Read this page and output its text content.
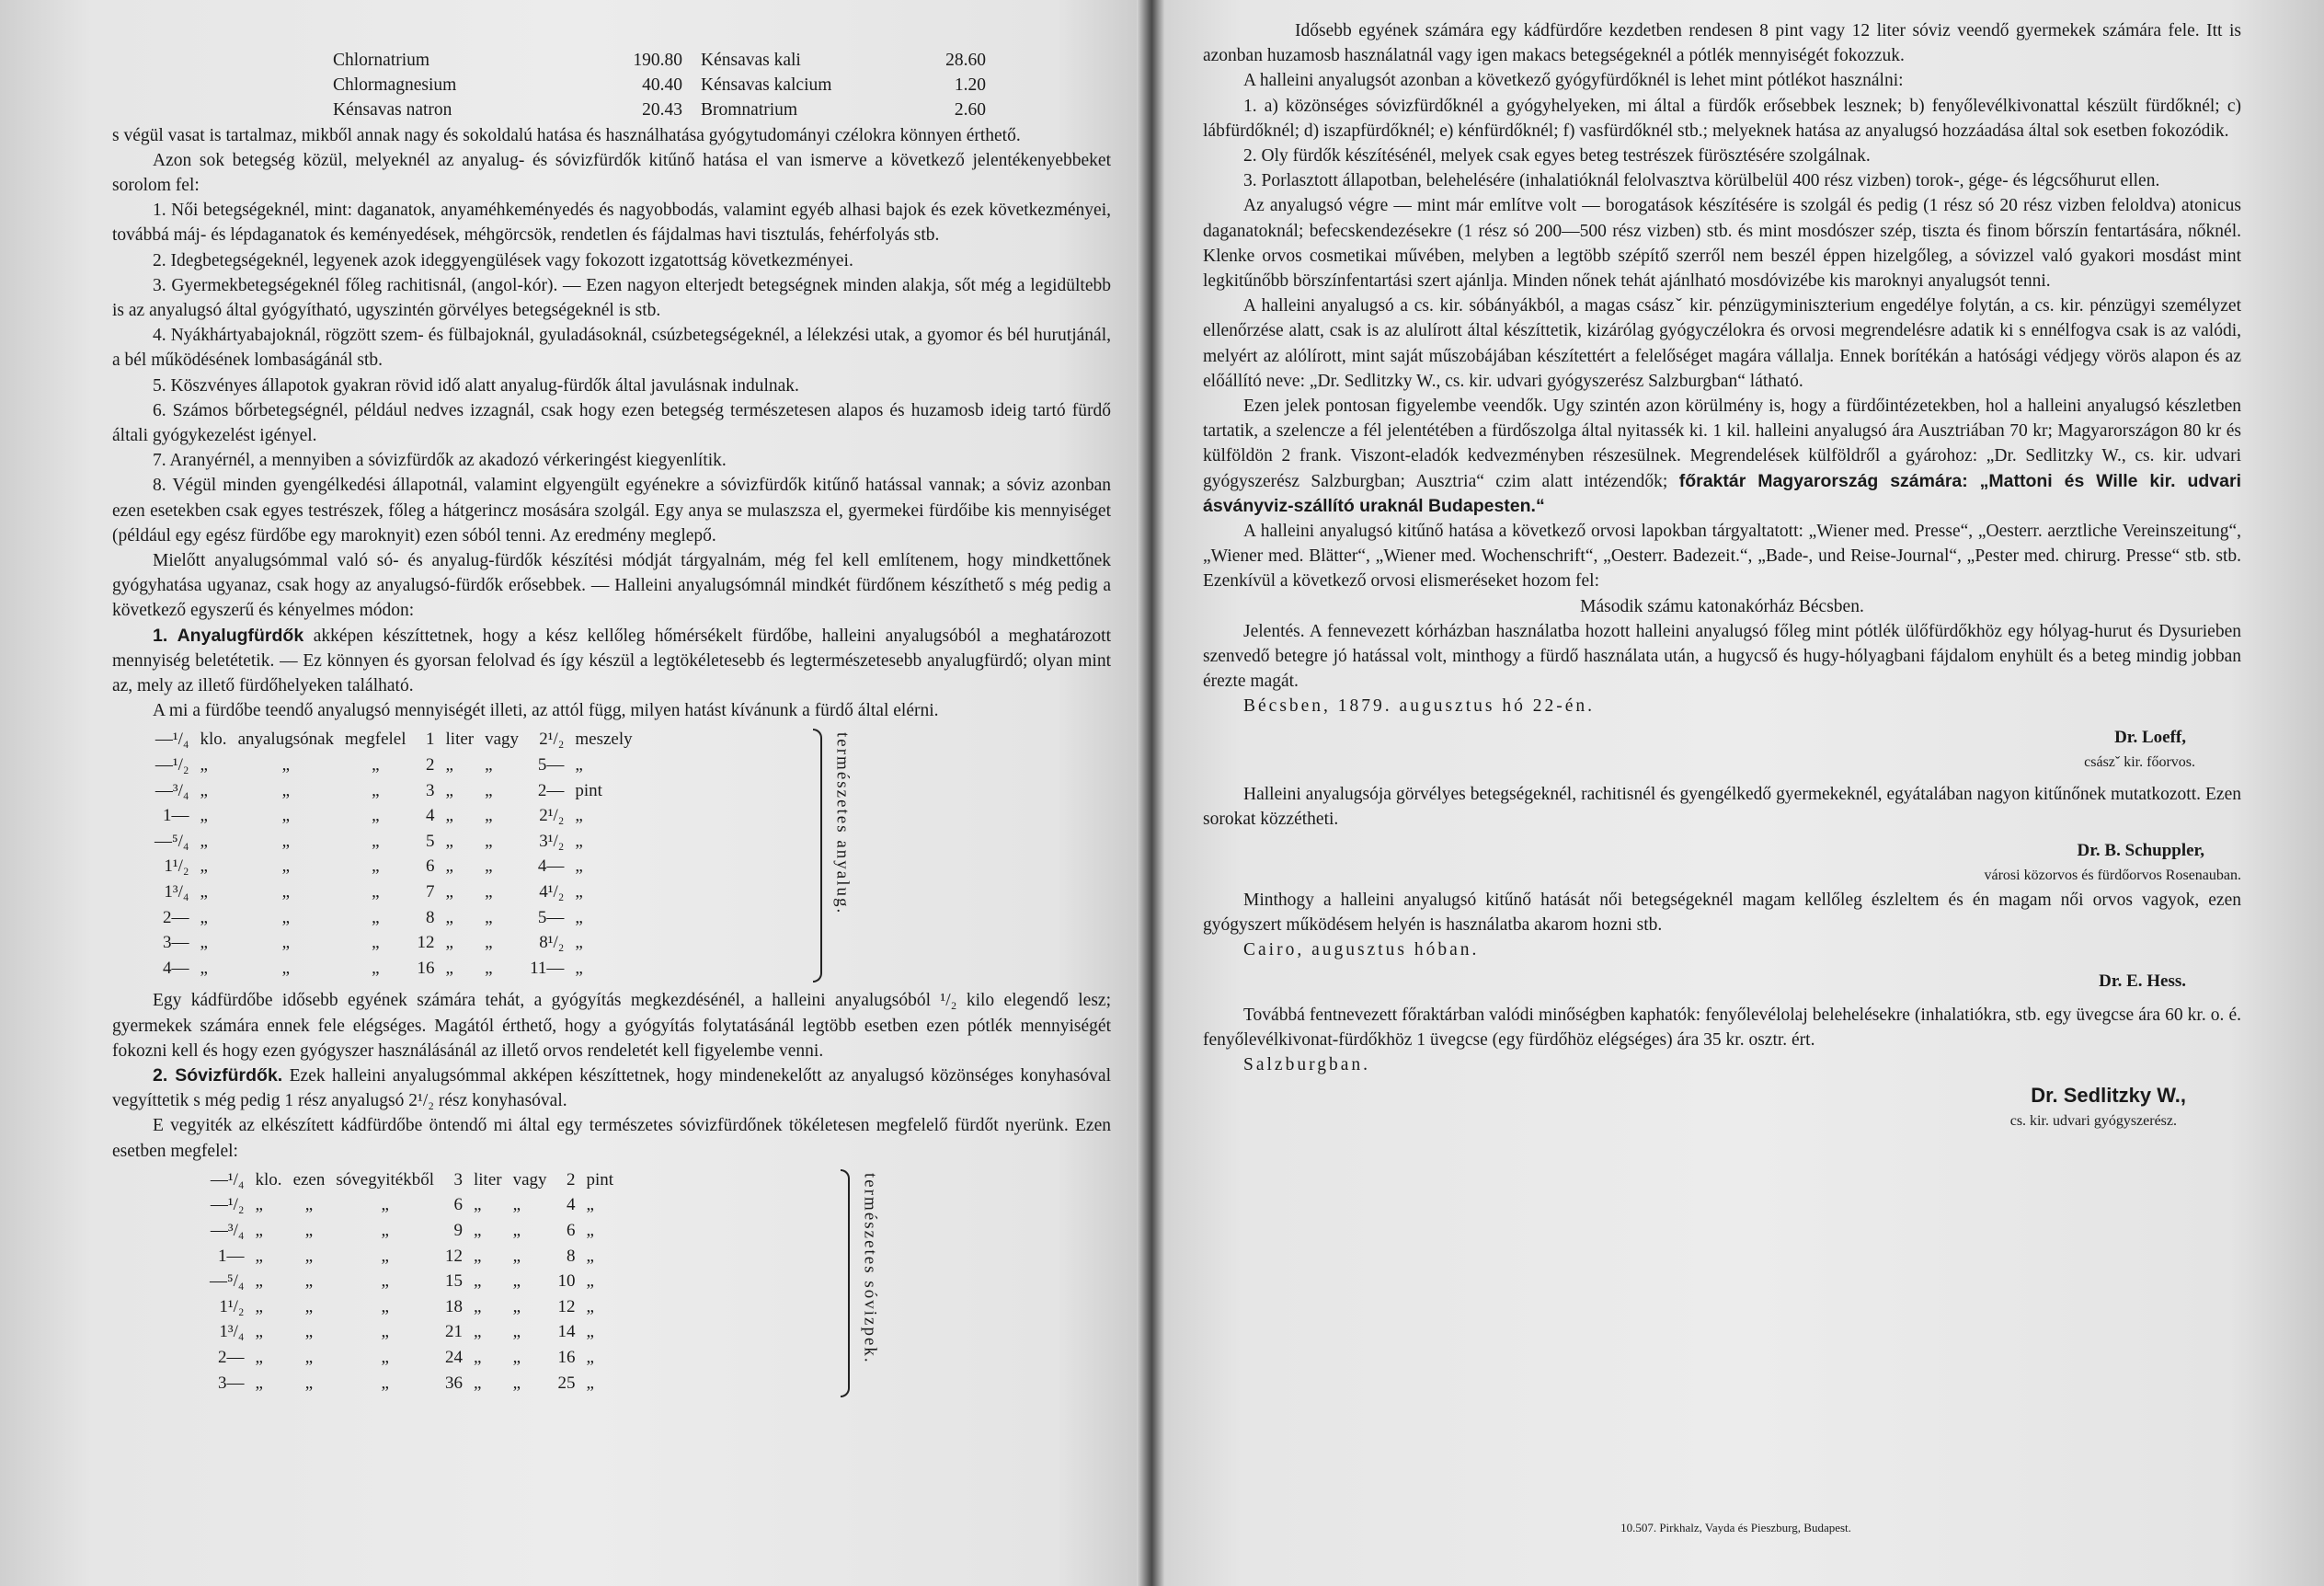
Chlornatrium	190.80 Kénsavas kali	28.60
Chlormagnesium	40.40 Kénsavas kalcium	1.20
Kénsavas natron	20.43 Bromnatrium	2.60

s végül vasat is tartalmaz, mikből annak nagy és sokoldalú hatása és használhatása gyógytudományi czélokra könnyen érthető.

Azon sok betegség közül, melyeknél az anyalug- és sóvizfürdők kitűnő hatása el van ismerve a következő jelentékenyebbeket sorolom fel:

1. Női betegségeknél, mint: daganatok, anyaméhkeményedés és nagyobbodás, valamint egyéb alhasi bajok és ezek következményei, továbbá máj- és lépdaganatok és keményedések, méhgörcsök, rendetlen és fájdalmas havi tisztulás, fehérfolyás stb.

2. Idegbetegségeknél, legyenek azok ideggyengülések vagy fokozott izgatottság következményei.

3. Gyermekbetegségeknél főleg rachitisnál, (angol-kór). — Ezen nagyon elterjedt betegségnek minden alakja, sőt még a legidültebb is az anyalugsó által gyógyítható, ugyszintén görvélyes betegségeknél is stb.

4. Nyákhártyabajoknál, rögzött szem- és fülbajoknál, gyuladásoknál, csúzbetegségeknél, a lélekzési utak, a gyomor és bél hurutjánál, a bél működésének lombaságánál stb.

5. Köszvényes állapotok gyakran rövid idő alatt anyalug-fürdők által javulásnak indulnak.

6. Számos bőrbetegségnél, például nedves izzagnál, csak hogy ezen betegség természetesen alapos és huzamosb ideig tartó fürdő általi gyógykezelést igényel.

7. Aranyérnél, a mennyiben a sóvizfürdők az akadozó vérkeringést kiegyenlítik.

8. Végül minden gyengélkedési állapotnál, valamint elgyengült egyénekre a sóvizfürdők kitűnő hatással vannak; a sóviz azonban ezen esetekben csak egyes testrészek, főleg a hátgerincz mosására szolgál. Egy anya se mulaszsza el, gyermekei fürdőibe kis mennyiséget (például egy egész fürdőbe egy maroknyit) ezen sóból tenni. Az eredmény meglepő.

Mielőtt anyalugsómmal való só- és anyalug-fürdők készítési módját tárgyalnám, még fel kell említenem, hogy mindkettőnek gyógyhatása ugyanaz, csak hogy az anyalugsó-fürdők erősebbek. — Halleini anyalugsómnál mindkét fürdőnem készíthető s még pedig a következő egyszerű és kényelmes módon:

1. Anyalugfürdők akképen készíttetnek, hogy a kész kellőleg hőmérsékelt fürdőbe, halleini anyalugsóból a meghatározott mennyiség beletétetik. — Ez könnyen és gyorsan felolvad és így készül a legtökéletesebb és legtermészetesebb anyalugfürdő; olyan mint az, mely az illető fürdőhelyeken található.

A mi a fürdőbe teendő anyalugsó mennyiségét illeti, az attól függ, milyen hatást kívánunk a fürdő által elérni.

—¹/₄	klo.	anyalugsónak	megfelel	1	liter	vagy	2¹/₂	meszely
—¹/₂	„	„	„	2	„	„	5—	„
—³/₄	„	„	„	3	„	„	2—	pint
1—	„	„	„	4	„	„	2¹/₂	„
—⁵/₄	„	„	„	5	„	„	3¹/₂	„
1¹/₂	„	„	„	6	„	„	4—	„
1³/₄	„	„	„	7	„	„	4¹/₂	„
2—	„	„	„	8	„	„	5—	„
3—	„	„	„	12	„	„	8¹/₂	„
4—	„	„	„	16	„	„	11—	„
természetes anyalug.

Egy kádfürdőbe idősebb egyének számára tehát, a gyógyítás megkezdésénél, a halleini anyalugsóból ¹/₂ kilo elegendő lesz; gyermekek számára ennek fele elégséges. Magától érthető, hogy a gyógyítás folytatásánál legtöbb esetben ezen pótlék mennyiségét fokozni kell és hogy ezen gyógyszer használásánál az illető orvos rendeletét kell figyelembe venni.

2. Sóvizfürdők. Ezek halleini anyalugsómmal akképen készíttetnek, hogy mindenekelőtt az anyalugsó közönséges konyhasóval vegyíttetik s még pedig 1 rész anyalugsó 2¹/₂ rész konyhasóval.

E vegyiték az elkészített kádfürdőbe öntendő mi által egy természetes sóvizfürdőnek tökéletesen megfelelő fürdőt nyerünk. Ezen esetben megfelel:

—¹/₄	klo.	ezen	sóvegyitékből	3	liter	vagy	2	pint
—¹/₂	„	„	„	6	„	„	4	„
—³/₄	„	„	„	9	„	„	6	„
1—	„	„	„	12	„	„	8	„
—⁵/₄	„	„	„	15	„	„	10	„
1¹/₂	„	„	„	18	„	„	12	„
1³/₄	„	„	„	21	„	„	14	„
2—	„	„	„	24	„	„	16	„
3—	„	„	„	36	„	„	25	„
természetes sóvizpek.

Idősebb egyének számára egy kádfürdőre kezdetben rendesen 8 pint vagy 12 liter sóviz veendő gyermekek számára fele. Itt is azonban huzamosb használatnál vagy igen makacs betegségeknél a pótlék mennyiségét fokozzuk.

A halleini anyalugsót azonban a következő gyógyfürdőknél is lehet mint pótlékot használni:

1. a) közönséges sóvizfürdőknél a gyógyhelyeken, mi által a fürdők erősebbek lesznek; b) fenyőlevélkivonattal készült fürdőknél; c) lábfürdőknél; d) iszapfürdőknél; e) kénfürdőknél; f) vasfürdőknél stb.; melyeknek hatása az anyalugsó hozzáadása által sok esetben fokozódik.

2. Oly fürdők készítésénél, melyek csak egyes beteg testrészek fürösztésére szolgálnak.

3. Porlasztott állapotban, belehelésére (inhalatióknál felolvasztva körülbelül 400 rész vizben) torok-, gége- és légcsőhurut ellen.

Az anyalugsó végre — mint már említve volt — borogatások készítésére is szolgál és pedig (1 rész só 20 rész vizben feloldva) atonicus daganatoknál; befecskendezésekre (1 rész só 200—500 rész vizben) stb. és mint mosdószer szép, tiszta és finom bőrszín fentartására, nőknél. Klenke orvos cosmetikai művében, melyben a legtöbb szépítő szerről nem beszél éppen hizelgőleg, a sóvizzel való gyakori mosdást mint legkitűnőbb börszínfentartási szert ajánlja. Minden nőnek tehát ajánlható mosdóvizébe kis maroknyi anyalugsót tenni.

A halleini anyalugsó a cs. kir. sóbányákból, a magas császˇ kir. pénzügyminiszterium engedélye folytán, a cs. kir. pénzügyi személyzet ellenőrzése alatt, csak is az alulírott által készíttetik, kizárólag gyógyczélokra és orvosi megrendelésre adatik ki s ennélfogva csak is az valódi, melyért az alólírott, mint saját műszobájában készítettért a felelőséget magára vállalja. Ennek borítékán a hatósági védjegy vörös alapon és az előállító neve: „Dr. Sedlitzky W., cs. kir. udvari gyógyszerész Salzburgban“ látható.

Ezen jelek pontosan figyelembe veendők. Ugy szintén azon körülmény is, hogy a fürdőintézetekben, hol a halleini anyalugsó készletben tartatik, a szelencze a fél jelentétében a fürdőszolga által nyitassék ki. 1 kil. halleini anyalugsó ára Ausztriában 70 kr; Magyarországon 80 kr és külföldön 2 frank. Viszont-eladók kedvezményben részesülnek. Megrendelések külföldről a gyárohoz: „Dr. Sedlitzky W., cs. kir. udvari gyógyszerész Salzburgban; Ausztria“ czim alatt intézendők; főraktár Magyarország számára: „Mattoni és Wille kir. udvari ásványviz-szállító uraknál Budapesten.“

A halleini anyalugsó kitűnő hatása a következő orvosi lapokban tárgyaltatott: „Wiener med. Presse“, „Oesterr. aerztliche Vereinszeitung“, „Wiener med. Blätter“, „Wiener med. Wochenschrift“, „Oesterr. Badezeit.“, „Bade-, und Reise-Journal“, „Pester med. chirurg. Presse“ stb. stb. Ezenkívül a következő orvosi elismeréseket hozom fel:

Második számu katonakórház Bécsben.

Jelentés. A fennevezett kórházban használatba hozott halleini anyalugsó főleg mint pótlék ülőfürdőkhöz egy hólyag-hurut és Dysurieben szenvedő betegre jó hatással volt, minthogy a fürdő használata után, a hugycső és hugy-hólyagbani fájdalom enyhült és a beteg mindig jobban érezte magát.

Bécsben, 1879. augusztus hó 22-én.

Dr. Loeff,
császˇ kir. főorvos.

Halleini anyalugsója görvélyes betegségeknél, rachitisnél és gyengélkedő gyermekeknél, egyátalában nagyon kitűnőnek mutatkozott. Ezen sorokat közzétheti.

Dr. B. Schuppler,
városi közorvos és fürdőorvos Rosenauban.

Minthogy a halleini anyalugsó kitűnő hatását női betegségeknél magam kellőleg észleltem és én magam női orvos vagyok, ezen gyógyszert működésem helyén is használatba akarom hozni stb.

Cairo, augusztus hóban.

Dr. E. Hess.

Továbbá fentnevezett főraktárban valódi minőségben kaphatók: fenyőlevélolaj belehelésekre (inhalatiókra, stb. egy üvegcse ára 60 kr. o. é. fenyőlevélkivonat-fürdőkhöz 1 üvegcse (egy fürdőhöz elégséges) ára 35 kr. osztr. ért.

Salzburgban.

Dr. Sedlitzky W.,
cs. kir. udvari gyógyszerész.
10.507. Pirkhalz, Vayda és Pieszburg, Budapest.
